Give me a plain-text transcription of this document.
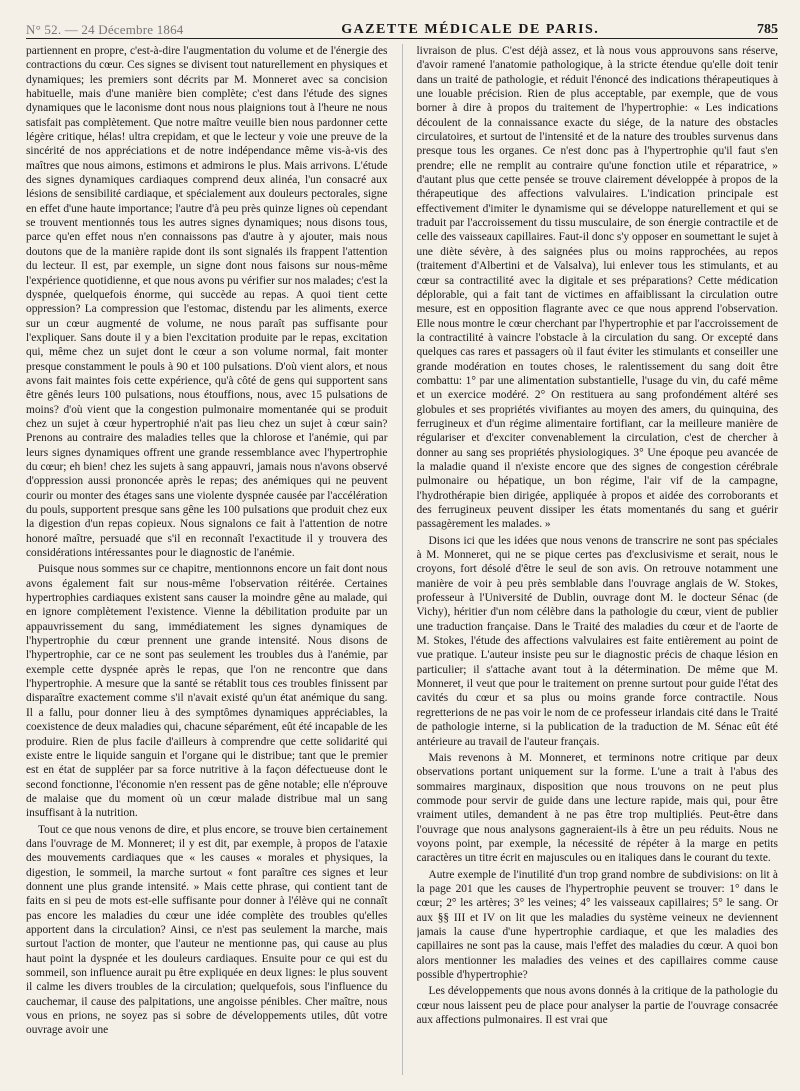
N° 52. — 24 Décembre 1864	GAZETTE MÉDICALE DE PARIS.	785

partiennent en propre, c'est-à-dire l'augmentation du volume et de l'énergie des contractions du cœur. Ces signes se divisent tout naturellement en physiques et dynamiques; les premiers sont décrits par M. Monneret avec sa concision habituelle, mais d'une manière bien complète; c'est dans l'étude des signes dynamiques que le laconisme dont nous nous plaignions tout à l'heure ne nous satisfait pas complètement. Que notre maître veuille bien nous pardonner cette légère critique, hélas! ultra crepidam, et que le lecteur y voie une preuve de la sincérité de nos appréciations et de notre indépendance même vis-à-vis des maîtres que nous aimons, estimons et admirons le plus. Mais arrivons. L'étude des signes dynamiques cardiaques comprend deux alinéa, l'un consacré aux lésions de sensibilité cardiaque, et spécialement aux douleurs pectorales, signe en effet d'une haute importance; l'autre d'à peu près quinze lignes où cependant se trouvent mentionnés tous les autres signes dynamiques; nous disons tous, parce qu'en effet nous n'en connaissons pas d'autre à y ajouter, mais nous doutons que de la manière rapide dont ils sont signalés ils frappent l'attention du lecteur. Il est, par exemple, un signe dont nous faisons sur nous-même l'expérience quotidienne, et que nous avons pu vérifier sur nos malades; c'est la dyspnée, quelquefois énorme, qui succède au repas. A quoi tient cette oppression? La compression que l'estomac, distendu par les aliments, exerce sur un cœur augmenté de volume, ne nous paraît pas suffisante pour l'expliquer. Sans doute il y a bien l'excitation produite par le repas, excitation qui, même chez un sujet dont le cœur a son volume normal, fait monter presque constamment le pouls à 90 et 100 pulsations. D'où vient alors, et nous avons fait maintes fois cette expérience, qu'à côté de gens qui supportent sans être gênés leurs 100 pulsations, nous étouffions, nous, avec 15 pulsations de moins? d'où vient que la congestion pulmonaire momentanée qui se produit chez un sujet à cœur hypertrophié n'ait pas lieu chez un sujet à cœur sain? Prenons au contraire des maladies telles que la chlorose et l'anémie, qui par leurs signes dynamiques offrent une grande ressemblance avec l'hypertrophie du cœur; eh bien! chez les sujets à sang appauvri, jamais nous n'avons observé d'oppression aussi prononcée après le repas; des anémiques qui ne peuvent courir ou monter des étages sans une violente dyspnée causée par l'accélération du pouls, supportent presque sans gêne les 100 pulsations que produit chez eux la digestion d'un repas copieux. Nous signalons ce fait à l'attention de notre honoré maître, persuadé que s'il en reconnaît l'exactitude il y trouvera des considérations intéressantes pour le diagnostic de l'anémie.

Puisque nous sommes sur ce chapitre, mentionnons encore un fait dont nous avons également fait sur nous-même l'observation réitérée. Certaines hypertrophies cardiaques existent sans causer la moindre gêne au malade, qui en ignore complètement l'existence. Vienne la débilitation produite par un appauvrissement du sang, immédiatement les signes dynamiques de l'hypertrophie du cœur prennent une grande intensité. Nous disons de l'hypertrophie, car ce ne sont pas seulement les troubles dus à l'anémie, par exemple cette dyspnée après le repas, que l'on ne rencontre que dans l'hypertrophie. A mesure que la santé se rétablit tous ces troubles finissent par disparaître exactement comme s'il n'avait existé qu'un état anémique du sang. Il a fallu, pour donner lieu à des symptômes dynamiques appréciables, la coexistence de deux maladies qui, chacune séparément, eût été incapable de les produire. Rien de plus facile d'ailleurs à comprendre que cette solidarité qui existe entre le liquide sanguin et l'organe qui le distribue; tant que le premier est en état de suppléer par sa force nutritive à la façon défectueuse dont le second fonctionne, l'économie n'en ressent pas de gêne notable; elle n'éprouve de malaise que du moment où un cœur malade distribue mal un sang insuffisant à la nutrition.

Tout ce que nous venons de dire, et plus encore, se trouve bien certainement dans l'ouvrage de M. Monneret; il y est dit, par exemple, à propos de l'ataxie des mouvements cardiaques que « les causes « morales et physiques, la digestion, le sommeil, la marche surtout « font paraître ces signes et leur donnent une plus grande intensité. » Mais cette phrase, qui contient tant de faits en si peu de mots est-elle suffisante pour donner à l'élève qui ne connaît pas encore les maladies du cœur une idée complète des troubles qu'elles apportent dans la circulation? Ainsi, ce n'est pas seulement la marche, mais surtout l'action de monter, que l'auteur ne mentionne pas, qui cause au plus haut point la dyspnée et les douleurs cardiaques. Ensuite pour ce qui est du sommeil, son influence aurait pu être expliquée en deux lignes: le plus souvent il calme les divers troubles de la circulation; quelquefois, sous l'influence du cauchemar, il cause des palpitations, une angoisse pénibles. Cher maître, nous vous en prions, ne soyez pas si sobre de développements utiles, dût votre ouvrage avoir une

livraison de plus. C'est déjà assez, et là nous vous approuvons sans réserve, d'avoir ramené l'anatomie pathologique, à la stricte étendue qu'elle doit tenir dans un traité de pathologie, et réduit l'énoncé des indications thérapeutiques à une louable précision. Rien de plus acceptable, par exemple, que de vous borner à dire à propos du traitement de l'hypertrophie: « Les indications découlent de la connaissance exacte du siége, de la nature des obstacles circulatoires, et surtout de l'intensité et de la nature des troubles survenus dans presque tous les organes. Ce n'est donc pas à l'hypertrophie qu'il faut s'en prendre; elle ne remplit au contraire qu'une fonction utile et réparatrice, » d'autant plus que cette pensée se trouve clairement développée à propos de la thérapeutique des affections valvulaires. L'indication principale est effectivement d'imiter le dynamisme qui se développe naturellement et qui se traduit par l'accroissement du tissu musculaire, de son énergie contractile et de celle des vaisseaux capillaires. Faut-il donc s'y opposer en soumettant le sujet à une diète sévère, à des saignées plus ou moins rapprochées, au repos (traitement d'Albertini et de Valsalva), lui enlever tous les stimulants, et au cœur sa contractilité avec la digitale et ses préparations? Cette médication déplorable, qui a fait tant de victimes en affaiblissant la circulation outre mesure, est en opposition flagrante avec ce que nous apprend l'observation. Elle nous montre le cœur cherchant par l'hypertrophie et par l'accroissement de la contractilité à vaincre l'obstacle à la circulation du sang. Or excepté dans quelques cas rares et passagers où il faut éviter les stimulants et conseiller une grande modération en toutes choses, le ralentissement du sang doit être combattu: 1° par une alimentation substantielle, l'usage du vin, du café même et un exercice modéré. 2° On restituera au sang profondément altéré ses globules et ses propriétés vivifiantes au moyen des amers, du quinquina, des ferrugineux et d'un régime alimentaire fortifiant, car la meilleure manière de régulariser et d'exciter convenablement la circulation, c'est de chercher à donner au sang ses propriétés physiologiques. 3° Une époque peu avancée de la maladie quand il n'existe encore que des signes de congestion cérébrale pulmonaire ou hépatique, un bon régime, l'air vif de la campagne, l'hydrothérapie bien dirigée, appliquée à propos et aidée des corroborants et des ferrugineux peuvent dissiper les états momentanés du sang et guérir passagèrement les malades. »

Disons ici que les idées que nous venons de transcrire ne sont pas spéciales à M. Monneret, qui ne se pique certes pas d'exclusivisme et serait, nous le croyons, fort désolé d'être le seul de son avis. On retrouve notamment une manière de voir à peu près semblable dans l'ouvrage anglais de W. Stokes, professeur à l'Université de Dublin, ouvrage dont M. le docteur Sénac (de Vichy), héritier d'un nom célèbre dans la pathologie du cœur, vient de publier une traduction française. Dans le Traité des maladies du cœur et de l'aorte de M. Stokes, l'étude des affections valvulaires est faite entièrement au point de vue pratique. L'auteur insiste peu sur le diagnostic précis de chaque lésion en particulier; il s'attache avant tout à la détermination. De même que M. Monneret, il veut que pour le traitement on prenne surtout pour guide l'état des cavités du cœur et sa plus ou moins grande force contractile. Nous regretterions de ne pas voir le nom de ce professeur irlandais cité dans le Traité de pathologie interne, si la publication de la traduction de M. Sénac eût été antérieure au travail de l'auteur français.

Mais revenons à M. Monneret, et terminons notre critique par deux observations portant uniquement sur la forme. L'une a trait à l'abus des sommaires marginaux, disposition que nous trouvons on ne peut plus commode pour servir de guide dans une lecture rapide, mais qui, pour être vraiment utiles, demandent à ne pas être trop multipliés. Peut-être dans l'ouvrage que nous analysons gagneraient-ils à être un peu réduits. Nous ne voyons point, par exemple, la nécessité de répéter à la marge en petits caractères un titre écrit en majuscules ou en italiques dans le courant du texte.

Autre exemple de l'inutilité d'un trop grand nombre de subdivisions: on lit à la page 201 que les causes de l'hypertrophie peuvent se trouver: 1° dans le cœur; 2° les artères; 3° les veines; 4° les vaisseaux capillaires; 5° le sang. Or aux §§ III et IV on lit que les maladies du système veineux ne deviennent jamais la cause d'une hypertrophie cardiaque, et que les maladies des capillaires ne sont pas la cause, mais l'effet des maladies du cœur. A quoi bon alors mentionner les maladies des veines et des capillaires comme cause possible d'hypertrophie?

Les développements que nous avons donnés à la critique de la pathologie du cœur nous laissent peu de place pour analyser la partie de l'ouvrage consacrée aux affections pulmonaires. Il est vrai que
